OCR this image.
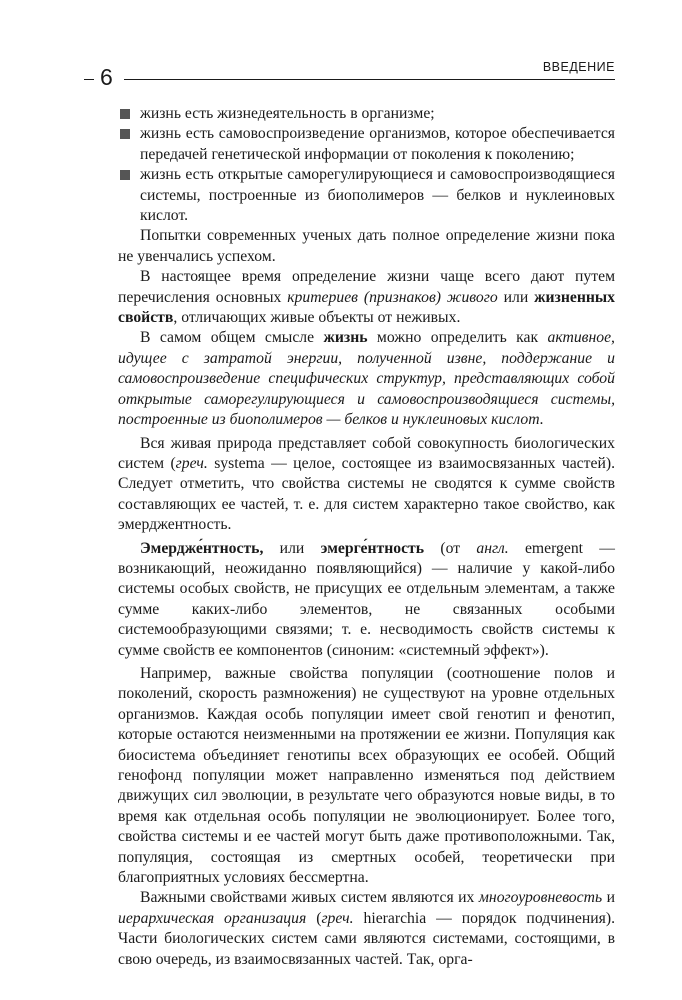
6	ВВЕДЕНИЕ
жизнь есть жизнедеятельность в организме;
жизнь есть самовоспроизведение организмов, которое обеспечивается передачей генетической информации от поколения к поколению;
жизнь есть открытые саморегулирующиеся и самовоспроизводящиеся системы, построенные из биополимеров — белков и нуклеиновых кислот.

Попытки современных ученых дать полное определение жизни пока не увенчались успехом.

В настоящее время определение жизни чаще всего дают путем перечисления основных критериев (признаков) живого или жизненных свойств, отличающих живые объекты от неживых.

В самом общем смысле жизнь можно определить как активное, идущее с затратой энергии, полученной извне, поддержание и самовоспроизведение специфических структур, представляющих собой открытые саморегулирующиеся и самовоспроизводящиеся системы, построенные из биополимеров — белков и нуклеиновых кислот.

Вся живая природа представляет собой совокупность биологических систем (греч. systema — целое, состоящее из взаимосвязанных частей). Следует отметить, что свойства системы не сводятся к сумме свойств составляющих ее частей, т. е. для систем характерно такое свойство, как эмерджентность.

Эмердже́нтность, или эмерге́нтность (от англ. emergent — возникающий, неожиданно появляющийся) — наличие у какой-либо системы особых свойств, не присущих ее отдельным элементам, а также сумме каких-либо элементов, не связанных особыми системообразующими связями; т. е. несводимость свойств системы к сумме свойств ее компонентов (синоним: «системный эффект»).

Например, важные свойства популяции (соотношение полов и поколений, скорость размножения) не существуют на уровне отдельных организмов. Каждая особь популяции имеет свой генотип и фенотип, которые остаются неизменными на протяжении ее жизни. Популяция как биосистема объединяет генотипы всех образующих ее особей. Общий генофонд популяции может направленно изменяться под действием движущих сил эволюции, в результате чего образуются новые виды, в то время как отдельная особь популяции не эволюционирует. Более того, свойства системы и ее частей могут быть даже противоположными. Так, популяция, состоящая из смертных особей, теоретически при благоприятных условиях бессмертна.

Важными свойствами живых систем являются их многоуровневость и иерархическая организация (греч. hierarchia — порядок подчинения). Части биологических систем сами являются системами, состоящими, в свою очередь, из взаимосвязанных частей. Так, орга-
